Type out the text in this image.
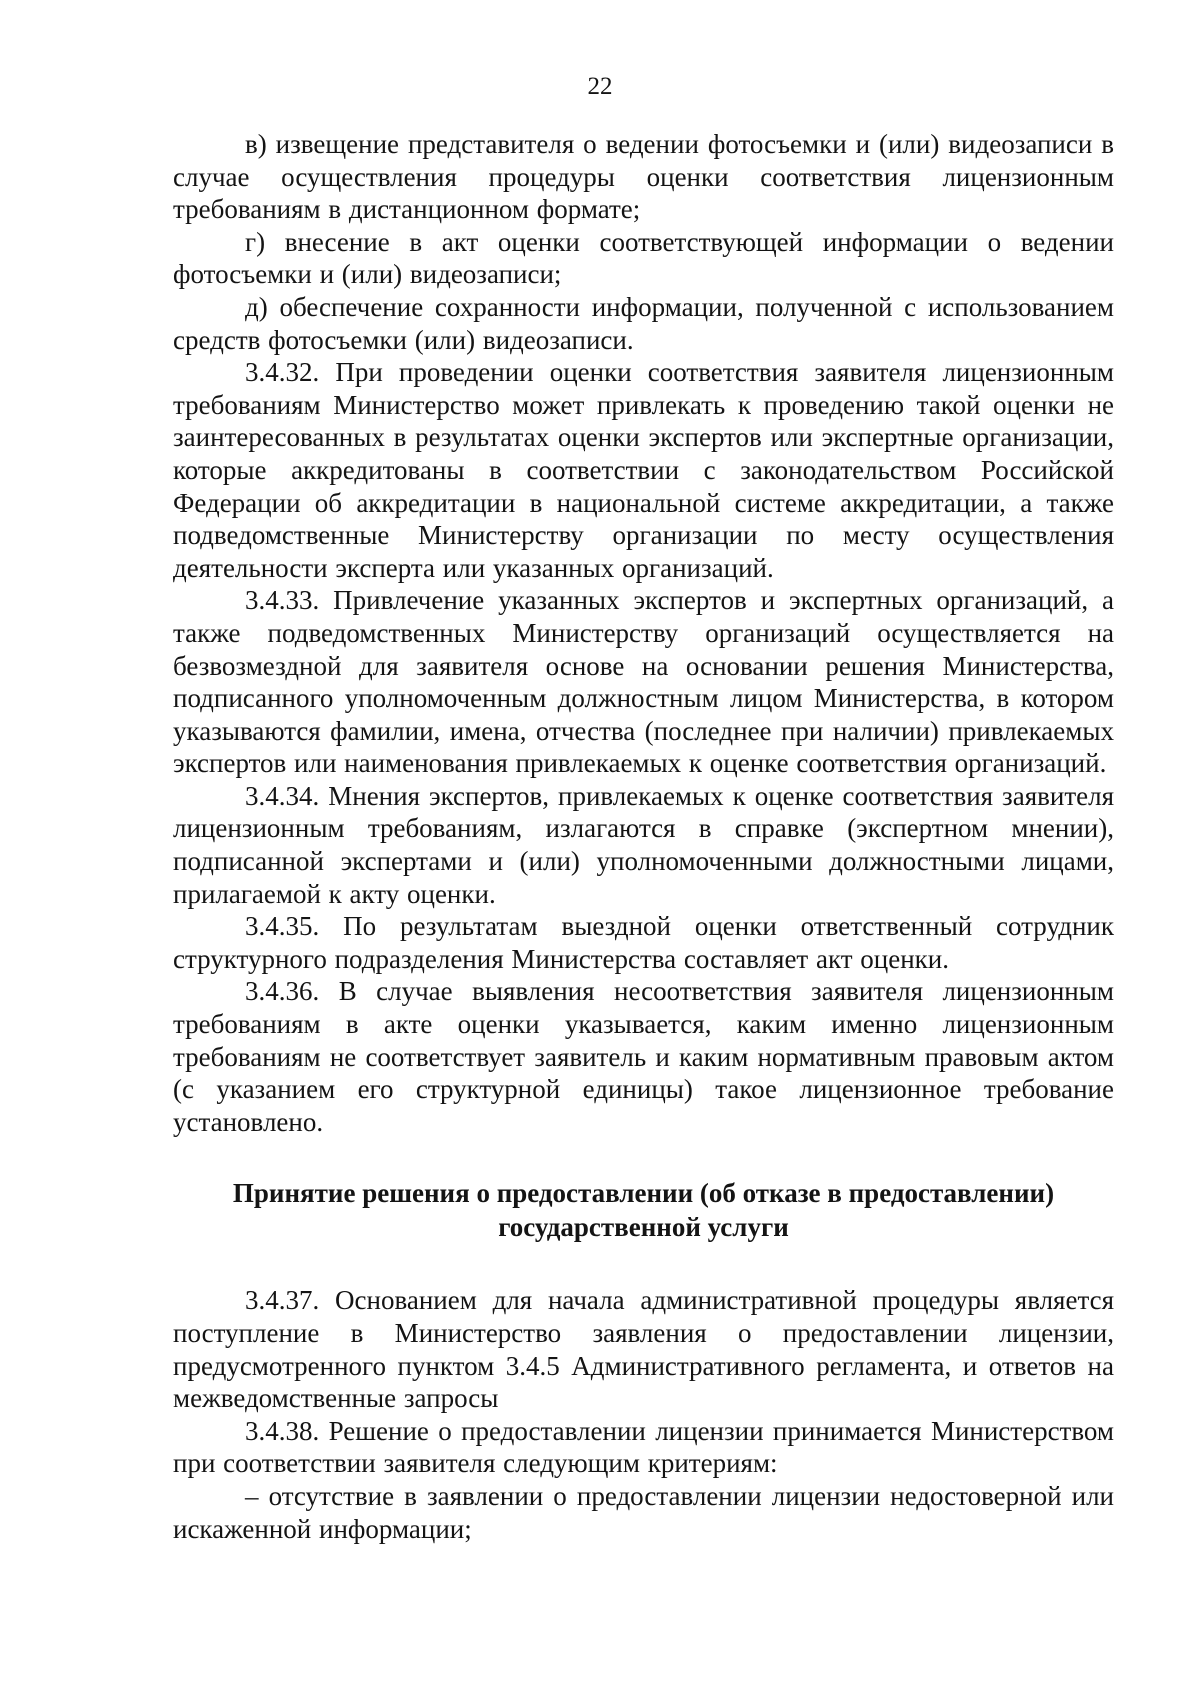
22

в) извещение представителя о ведении фотосъемки и (или) видеозаписи в случае осуществления процедуры оценки соответствия лицензионным требованиям в дистанционном формате;

г) внесение в акт оценки соответствующей информации о ведении фотосъемки и (или) видеозаписи;

д) обеспечение сохранности информации, полученной с использованием средств фотосъемки (или) видеозаписи.

3.4.32. При проведении оценки соответствия заявителя лицензионным требованиям Министерство может привлекать к проведению такой оценки не заинтересованных в результатах оценки экспертов или экспертные организации, которые аккредитованы в соответствии с законодательством Российской Федерации об аккредитации в национальной системе аккредитации, а также подведомственные Министерству организации по месту осуществления деятельности эксперта или указанных организаций.

3.4.33. Привлечение указанных экспертов и экспертных организаций, а также подведомственных Министерству организаций осуществляется на безвозмездной для заявителя основе на основании решения Министерства, подписанного уполномоченным должностным лицом Министерства, в котором указываются фамилии, имена, отчества (последнее при наличии) привлекаемых экспертов или наименования привлекаемых к оценке соответствия организаций.

3.4.34. Мнения экспертов, привлекаемых к оценке соответствия заявителя лицензионным требованиям, излагаются в справке (экспертном мнении), подписанной экспертами и (или) уполномоченными должностными лицами, прилагаемой к акту оценки.

3.4.35. По результатам выездной оценки ответственный сотрудник структурного подразделения Министерства составляет акт оценки.

3.4.36. В случае выявления несоответствия заявителя лицензионным требованиям в акте оценки указывается, каким именно лицензионным требованиям не соответствует заявитель и каким нормативным правовым актом (с указанием его структурной единицы) такое лицензионное требование установлено.

Принятие решения о предоставлении (об отказе в предоставлении) государственной услуги

3.4.37. Основанием для начала административной процедуры является поступление в Министерство заявления о предоставлении лицензии, предусмотренного пунктом 3.4.5 Административного регламента, и ответов на межведомственные запросы

3.4.38. Решение о предоставлении лицензии принимается Министерством при соответствии заявителя следующим критериям:

– отсутствие в заявлении о предоставлении лицензии недостоверной или искаженной информации;
